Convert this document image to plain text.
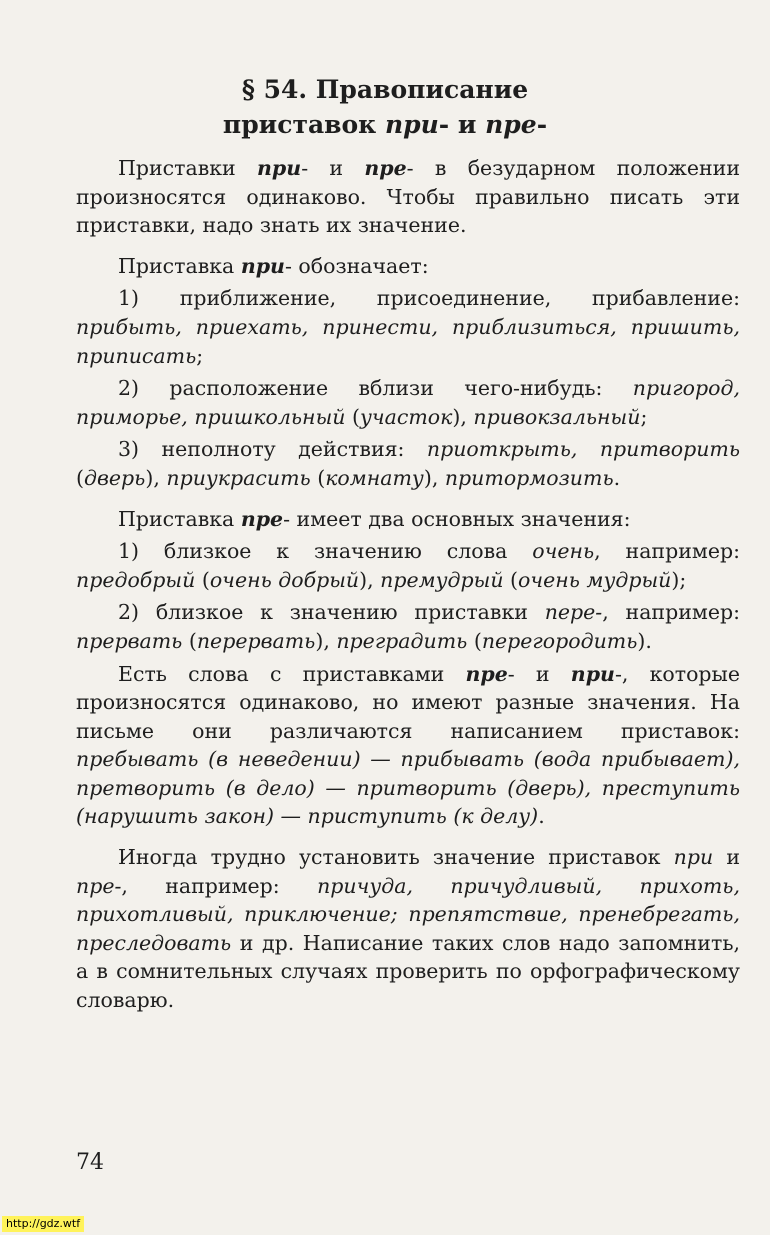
§ 54. Правописание
приставок при- и пре-

Приставки при- и пре- в безударном положении произносятся одинаково. Чтобы правильно писать эти приставки, надо знать их значение.

Приставка при- обозначает:

1) приближение, присоединение, прибавление: прибыть, приехать, принести, приблизиться, пришить, приписать;

2) расположение вблизи чего-нибудь: пригород, приморье, пришкольный (участок), привокзальный;

3) неполноту действия: приоткрыть, притворить (дверь), приукрасить (комнату), притормозить.

Приставка пре- имеет два основных значения:

1) близкое к значению слова очень, например: предобрый (очень добрый), премудрый (очень мудрый);

2) близкое к значению приставки пере-, например: прервать (перервать), преградить (перегородить).

Есть слова с приставками пре- и при-, которые произносятся одинаково, но имеют разные значения. На письме они различаются написанием приставок: пребывать (в неведении) — прибывать (вода прибывает), претворить (в дело) — притворить (дверь), преступить (нарушить закон) — приступить (к делу).

Иногда трудно установить значение приставок при и пре-, например: причуда, причудливый, прихоть, прихотливый, приключение; препятствие, пренебрегать, преследовать и др. Написание таких слов надо запомнить, а в сомнительных случаях проверить по орфографическому словарю.

74
http://gdz.wtf
